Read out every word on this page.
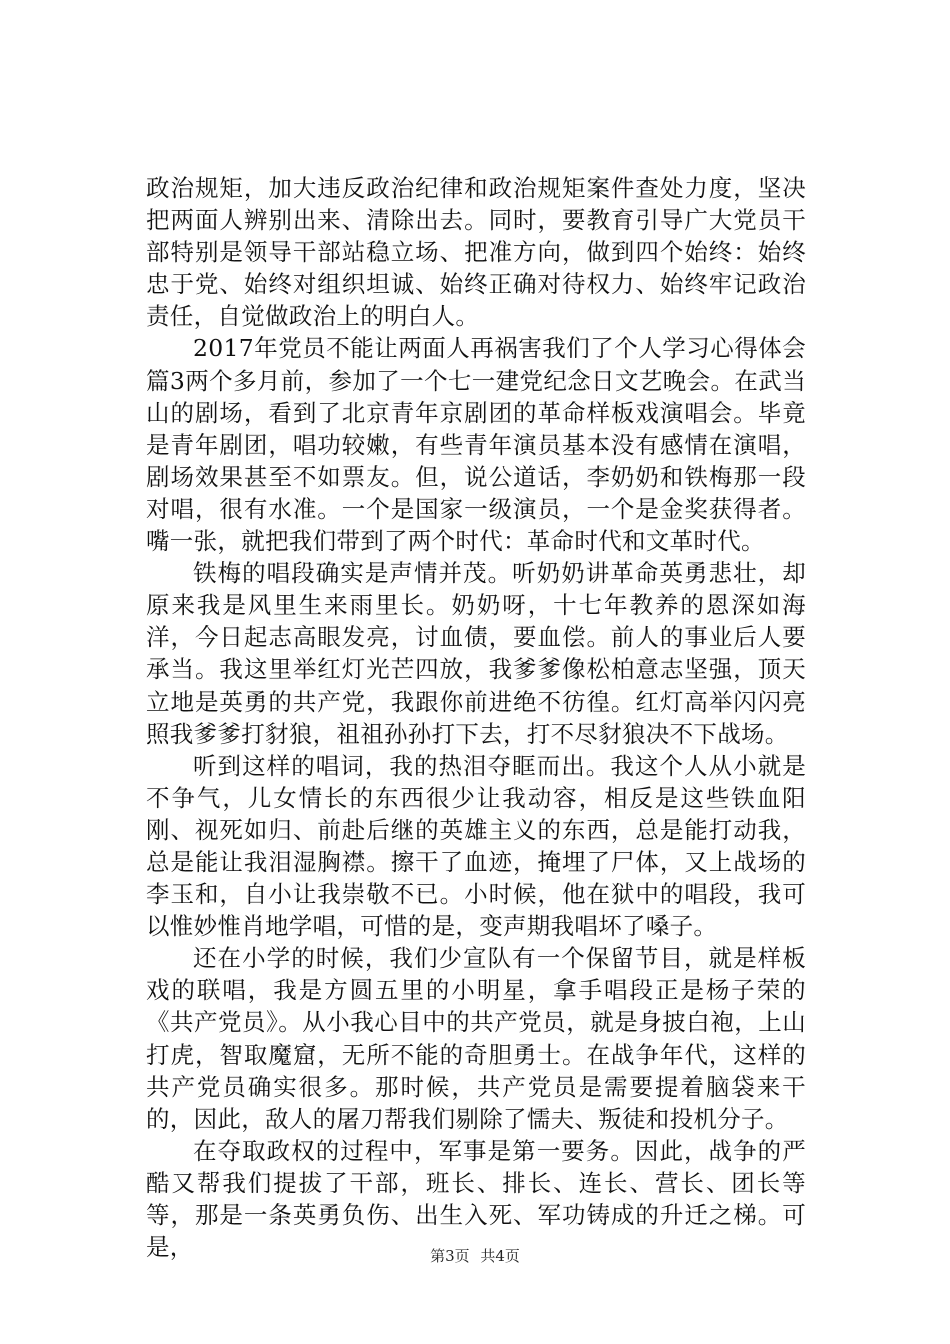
政治规矩，加大违反政治纪律和政治规矩案件查处力度，坚决把两面人辨别出来、清除出去。同时，要教育引导广大党员干部特别是领导干部站稳立场、把准方向，做到四个始终：始终忠于党、始终对组织坦诚、始终正确对待权力、始终牢记政治责任，自觉做政治上的明白人。

2017年党员不能让两面人再祸害我们了个人学习心得体会篇3两个多月前，参加了一个七一建党纪念日文艺晚会。在武当山的剧场，看到了北京青年京剧团的革命样板戏演唱会。毕竟是青年剧团，唱功较嫩，有些青年演员基本没有感情在演唱，剧场效果甚至不如票友。但，说公道话，李奶奶和铁梅那一段对唱，很有水准。一个是国家一级演员，一个是金奖获得者。嘴一张，就把我们带到了两个时代：革命时代和文革时代。

铁梅的唱段确实是声情并茂。听奶奶讲革命英勇悲壮，却原来我是风里生来雨里长。奶奶呀，十七年教养的恩深如海洋，今日起志高眼发亮，讨血债，要血偿。前人的事业后人要承当。我这里举红灯光芒四放，我爹爹像松柏意志坚强，顶天立地是英勇的共产党，我跟你前进绝不彷徨。红灯高举闪闪亮照我爹爹打豺狼，祖祖孙孙打下去，打不尽豺狼决不下战场。

听到这样的唱词，我的热泪夺眶而出。我这个人从小就是不争气，儿女情长的东西很少让我动容，相反是这些铁血阳刚、视死如归、前赴后继的英雄主义的东西，总是能打动我，总是能让我泪湿胸襟。擦干了血迹，掩埋了尸体，又上战场的李玉和，自小让我崇敬不已。小时候，他在狱中的唱段，我可以惟妙惟肖地学唱，可惜的是，变声期我唱坏了嗓子。

还在小学的时候，我们少宣队有一个保留节目，就是样板戏的联唱，我是方圆五里的小明星，拿手唱段正是杨子荣的《共产党员》。从小我心目中的共产党员，就是身披白袍，上山打虎，智取魔窟，无所不能的奇胆勇士。在战争年代，这样的共产党员确实很多。那时候，共产党员是需要提着脑袋来干的，因此，敌人的屠刀帮我们剔除了懦夫、叛徒和投机分子。

在夺取政权的过程中，军事是第一要务。因此，战争的严酷又帮我们提拔了干部，班长、排长、连长、营长、团长等等，那是一条英勇负伤、出生入死、军功铸成的升迁之梯。可是，	第3页 共4页
